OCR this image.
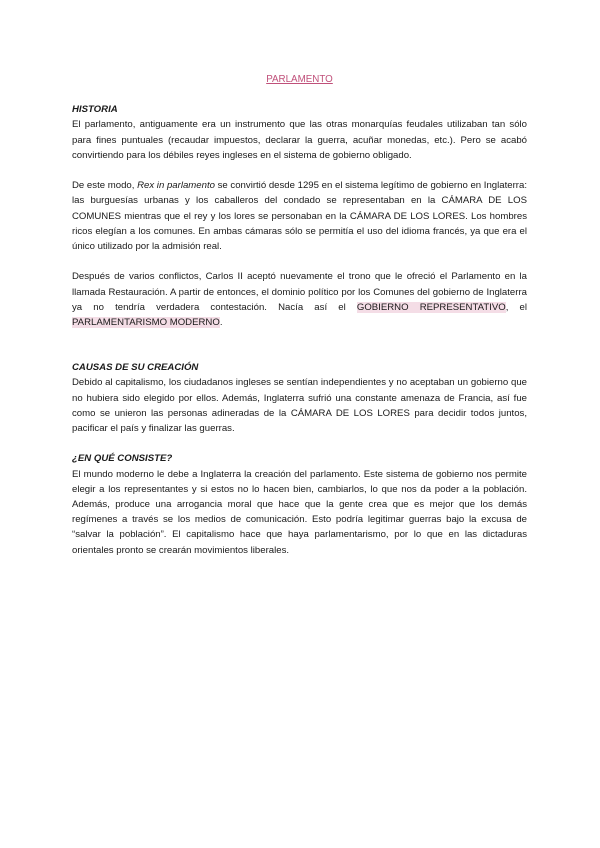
PARLAMENTO
HISTORIA

El parlamento, antiguamente era un instrumento que las otras monarquías feudales utilizaban tan sólo para fines puntuales (recaudar impuestos, declarar la guerra, acuñar monedas, etc.). Pero se acabó convirtiendo para los débiles reyes ingleses en el sistema de gobierno obligado.

De este modo, Rex in parlamento se convirtió desde 1295 en el sistema legítimo de gobierno en Inglaterra: las burguesías urbanas y los caballeros del condado se representaban en la CÁMARA DE LOS COMUNES mientras que el rey y los lores se personaban en la CÁMARA DE LOS LORES. Los hombres ricos elegían a los comunes. En ambas cámaras sólo se permitía el uso del idioma francés, ya que era el único utilizado por la admisión real.

Después de varios conflictos, Carlos II aceptó nuevamente el trono que le ofreció el Parlamento en la llamada Restauración. A partir de entonces, el dominio político por los Comunes del gobierno de Inglaterra ya no tendría verdadera contestación. Nacía así el GOBIERNO REPRESENTATIVO, el PARLAMENTARISMO MODERNO.

CAUSAS DE SU CREACIÓN

Debido al capitalismo, los ciudadanos ingleses se sentían independientes y no aceptaban un gobierno que no hubiera sido elegido por ellos. Además, Inglaterra sufrió una constante amenaza de Francia, así fue como se unieron las personas adineradas de la CÁMARA DE LOS LORES para decidir todos juntos, pacificar el país y finalizar las guerras.

¿EN QUÉ CONSISTE?

El mundo moderno le debe a Inglaterra la creación del parlamento. Este sistema de gobierno nos permite elegir a los representantes y si estos no lo hacen bien, cambiarlos, lo que nos da poder a la población. Además, produce una arrogancia moral que hace que la gente crea que es mejor que los demás regímenes a través se los medios de comunicación. Esto podría legitimar guerras bajo la excusa de “salvar la población”. El capitalismo hace que haya parlamentarismo, por lo que en las dictaduras orientales pronto se crearán movimientos liberales.
